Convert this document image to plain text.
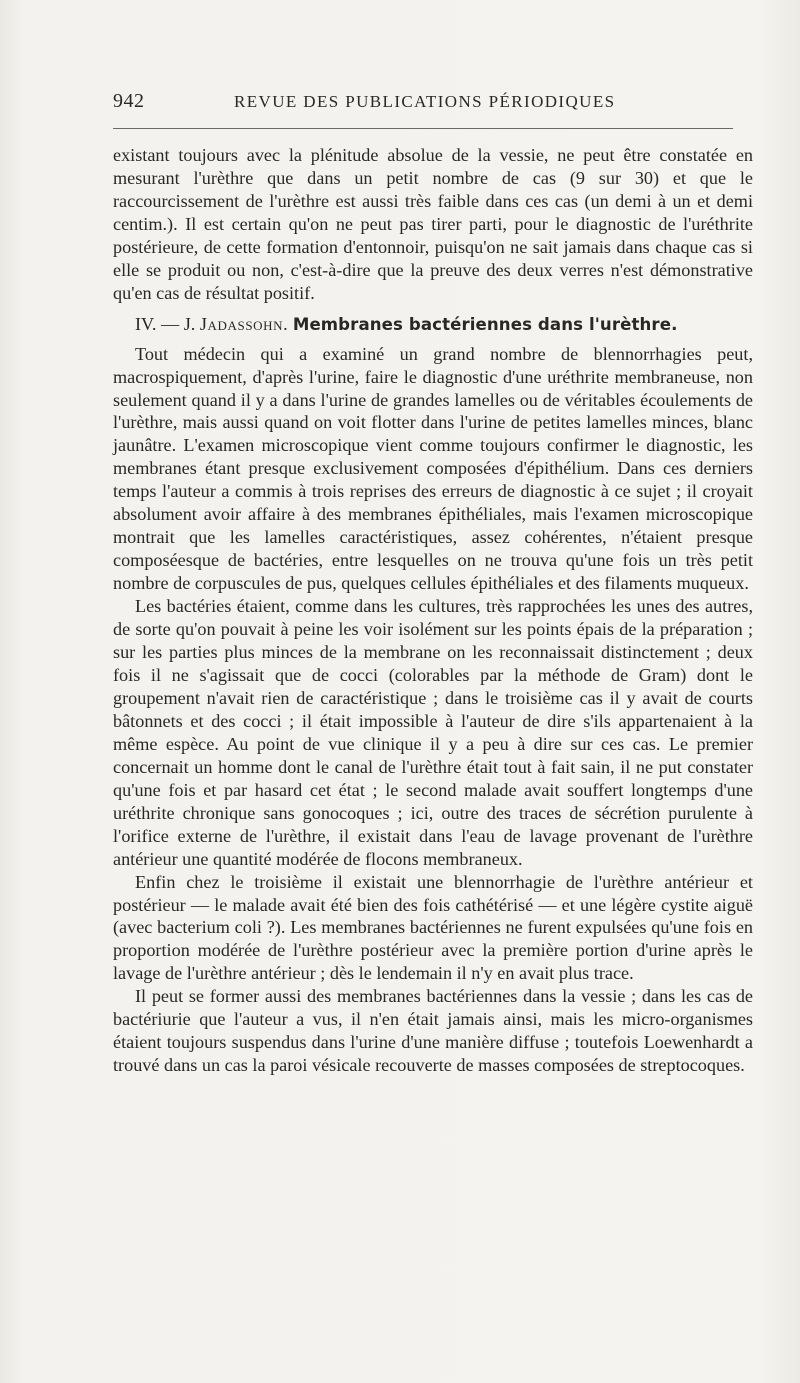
942	REVUE DES PUBLICATIONS PÉRIODIQUES

existant toujours avec la plénitude absolue de la vessie, ne peut être constatée en mesurant l'urèthre que dans un petit nombre de cas (9 sur 30) et que le raccourcissement de l'urèthre est aussi très faible dans ces cas (un demi à un et demi centim.). Il est certain qu'on ne peut pas tirer parti, pour le diagnostic de l'uréthrite postérieure, de cette formation d'entonnoir, puisqu'on ne sait jamais dans chaque cas si elle se produit ou non, c'est-à-dire que la preuve des deux verres n'est démonstrative qu'en cas de résultat positif.

IV. — J. Jadassohn. Membranes bactériennes dans l'urèthre.

Tout médecin qui a examiné un grand nombre de blennorrhagies peut, macrospiquement, d'après l'urine, faire le diagnostic d'une uréthrite membraneuse, non seulement quand il y a dans l'urine de grandes lamelles ou de véritables écoulements de l'urèthre, mais aussi quand on voit flotter dans l'urine de petites lamelles minces, blanc jaunâtre. L'examen microscopique vient comme toujours confirmer le diagnostic, les membranes étant presque exclusivement composées d'épithélium. Dans ces derniers temps l'auteur a commis à trois reprises des erreurs de diagnostic à ce sujet ; il croyait absolument avoir affaire à des membranes épithéliales, mais l'examen microscopique montrait que les lamelles caractéristiques, assez cohérentes, n'étaient presque composéesque de bactéries, entre lesquelles on ne trouva qu'une fois un très petit nombre de corpuscules de pus, quelques cellules épithéliales et des filaments muqueux.

Les bactéries étaient, comme dans les cultures, très rapprochées les unes des autres, de sorte qu'on pouvait à peine les voir isolément sur les points épais de la préparation ; sur les parties plus minces de la membrane on les reconnaissait distinctement ; deux fois il ne s'agissait que de cocci (colorables par la méthode de Gram) dont le groupement n'avait rien de caractéristique ; dans le troisième cas il y avait de courts bâtonnets et des cocci ; il était impossible à l'auteur de dire s'ils appartenaient à la même espèce. Au point de vue clinique il y a peu à dire sur ces cas. Le premier concernait un homme dont le canal de l'urèthre était tout à fait sain, il ne put constater qu'une fois et par hasard cet état ; le second malade avait souffert longtemps d'une uréthrite chronique sans gonocoques ; ici, outre des traces de sécrétion purulente à l'orifice externe de l'urèthre, il existait dans l'eau de lavage provenant de l'urèthre antérieur une quantité modérée de flocons membraneux.

Enfin chez le troisième il existait une blennorrhagie de l'urèthre antérieur et postérieur — le malade avait été bien des fois cathétérisé — et une légère cystite aiguë (avec bacterium coli ?). Les membranes bactériennes ne furent expulsées qu'une fois en proportion modérée de l'urèthre postérieur avec la première portion d'urine après le lavage de l'urèthre antérieur ; dès le lendemain il n'y en avait plus trace.

Il peut se former aussi des membranes bactériennes dans la vessie ; dans les cas de bactériurie que l'auteur a vus, il n'en était jamais ainsi, mais les micro-organismes étaient toujours suspendus dans l'urine d'une manière diffuse ; toutefois Loewenhardt a trouvé dans un cas la paroi vésicale recouverte de masses composées de streptocoques.
